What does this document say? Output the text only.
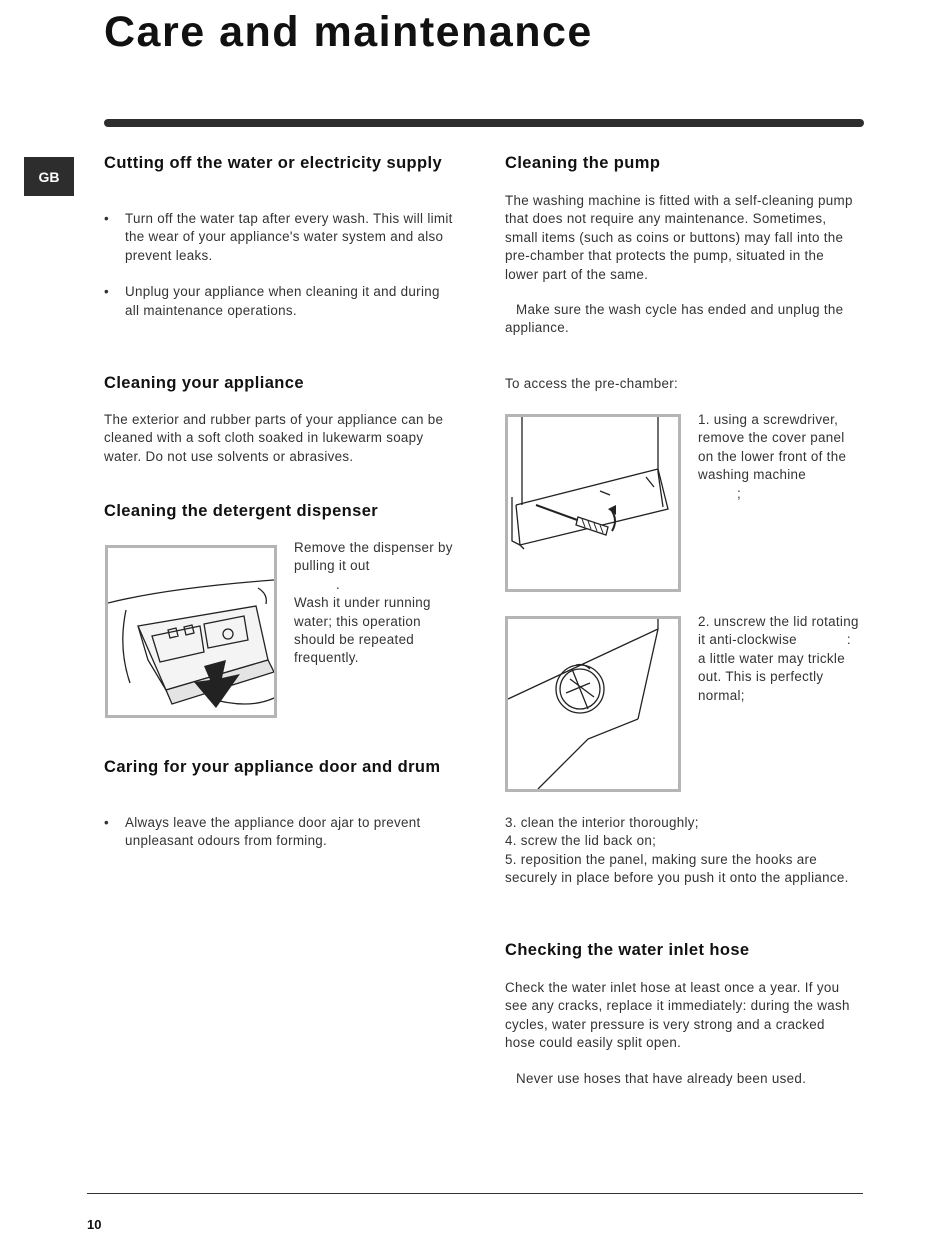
Care and maintenance
GB
Cutting off the water or electricity supply
• Turn off the water tap after every wash. This will limit the wear of your appliance's water system and also prevent leaks.
• Unplug your appliance when cleaning it and during all maintenance operations.
Cleaning your appliance
The exterior and rubber parts of your appliance can be cleaned with a soft cloth soaked in lukewarm soapy water. Do not use solvents or abrasives.
Cleaning the detergent dispenser

Remove the dispenser by pulling it out

.

Wash it under running water; this operation should be repeated frequently.

Caring for your appliance door and drum
• Always leave the appliance door ajar to prevent unpleasant odours from forming.
Cleaning the pump
The washing machine is fitted with a self-cleaning pump that does not require any maintenance. Sometimes, small items (such as coins or buttons) may fall into the pre-chamber that protects the pump, situated in the lower part of the same.
Make sure the wash cycle has ended and unplug the appliance.
To access the pre-chamber:

1. using a screwdriver, remove the cover panel on the lower front of the washing machine

;

2. unscrew the lid rotating it anti-clockwise	: a little water may trickle out. This is perfectly normal;
3. clean the interior thoroughly;
4. screw the lid back on;
5. reposition the panel, making sure the hooks are securely in place before you push it onto the appliance.
Checking the water inlet hose
Check the water inlet hose at least once a year. If you see any cracks, replace it immediately: during the wash cycles, water pressure is very strong and a cracked hose could easily split open.
Never use hoses that have already been used.
10
